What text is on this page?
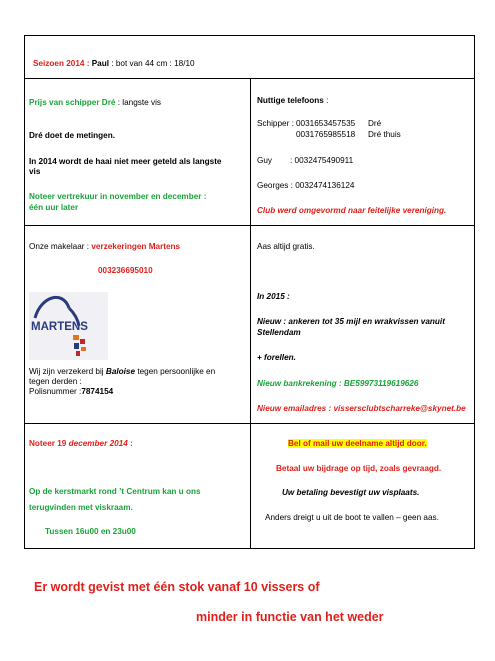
Seizoen 2014 : Paul : bot van 44 cm : 18/10
Prijs van schipper Dré : langste vis
Dré doet de metingen.
In 2014 wordt de haai niet meer geteld als langste
vis
Noteer vertrekuur in november en december :
één uur later
Nuttige telefoons :
Schipper : 0031653457535 Dré
0031765985518 Dré thuis
Guy : 0032475490911
Georges : 0032474136124
Club werd omgevormd naar feitelijke vereniging.
Onze makelaar : verzekeringen Martens
003236695010
MARTENS
Wij zijn verzekerd bij Baloise tegen persoonlijke en
tegen derden :
Polisnummer :7874154
Aas altijd gratis.
In 2015 :
Nieuw : ankeren tot 35 mijl en wrakvissen vanuit
Stellendam
+ forellen.
Nieuw bankrekening : BE59973119619626
Nieuw emailadres : vissersclubtscharreke@skynet.be
Noteer 19 december 2014 :
Op de kerstmarkt rond ’t Centrum kan u ons
terugvinden met viskraam.
Tussen 16u00 en 23u00
Bel of mail uw deelname altijd door.
Betaal uw bijdrage op tijd, zoals gevraagd.
Uw betaling bevestigt uw visplaats.
Anders dreigt u uit de boot te vallen – geen aas.
Er wordt gevist met één stok vanaf 10 vissers of
minder in functie van het weder
